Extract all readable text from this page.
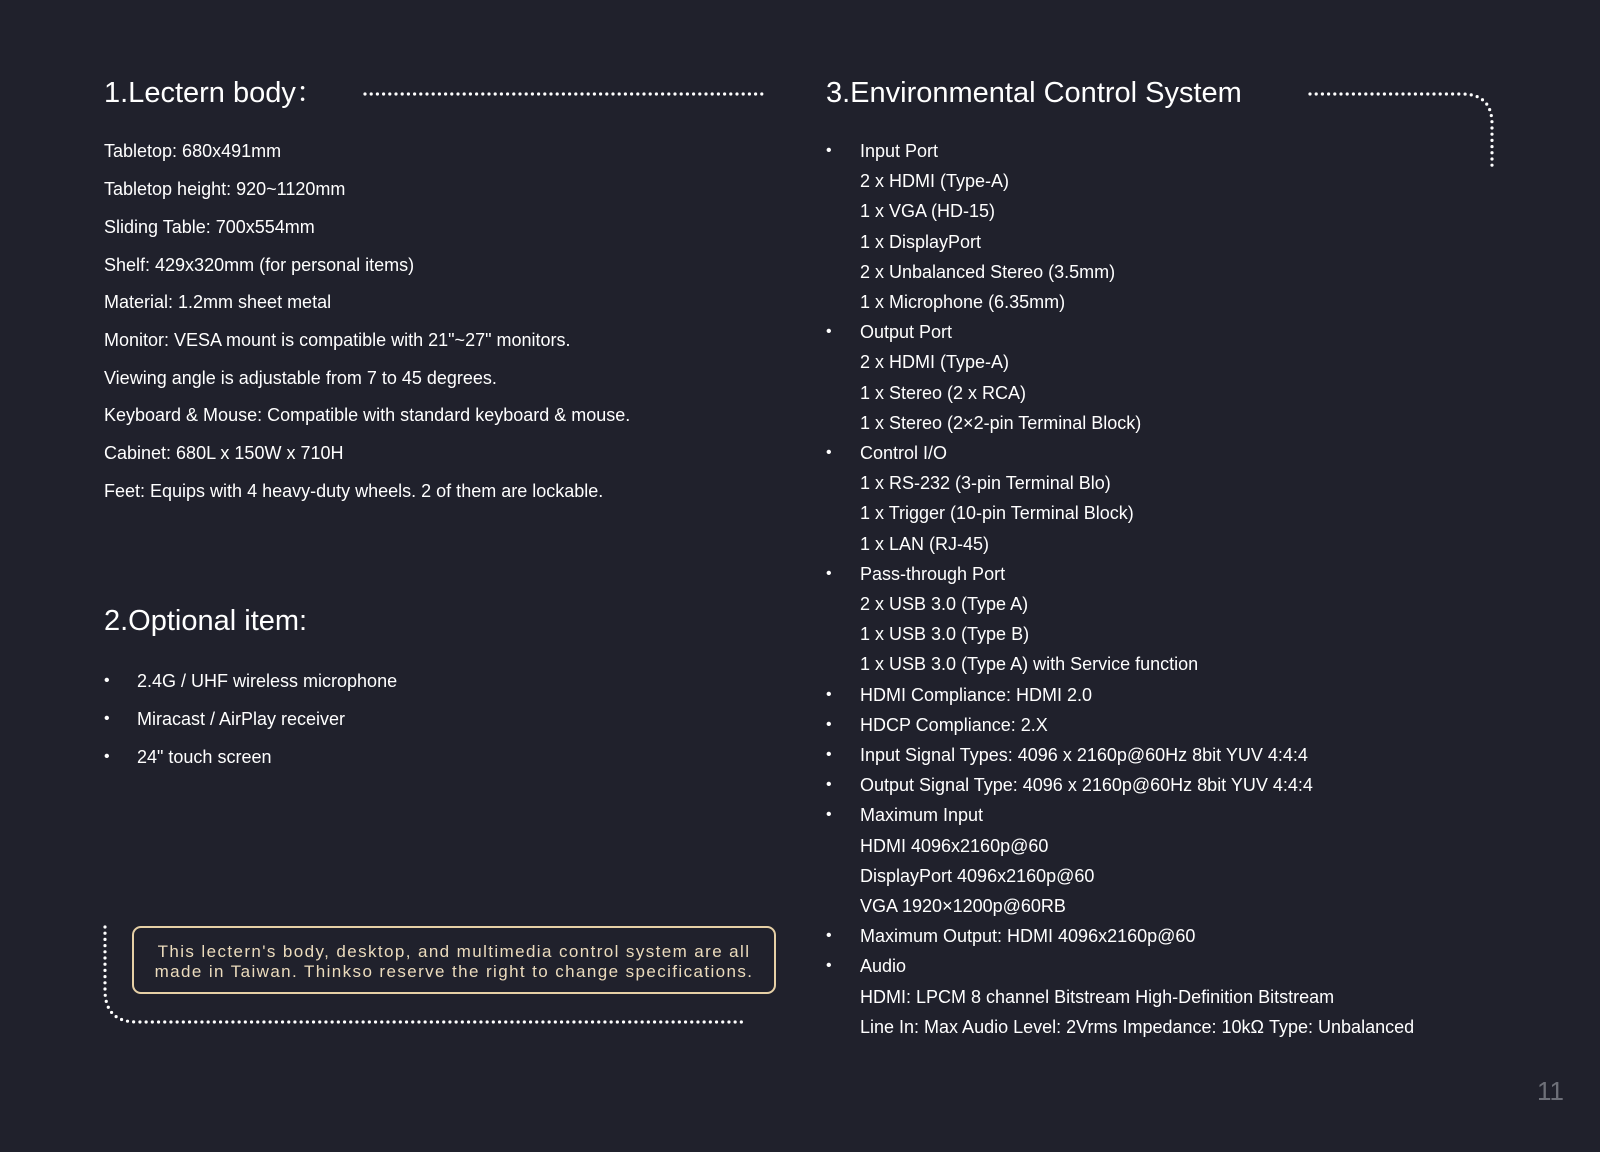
1.Lectern body：
Tabletop: 680x491mm
Tabletop height: 920~1120mm
Sliding Table: 700x554mm
Shelf: 429x320mm (for personal items)
Material: 1.2mm sheet metal
Monitor: VESA mount is compatible with 21"~27" monitors.
Viewing angle is adjustable from 7 to 45 degrees.
Keyboard & Mouse: Compatible with standard keyboard & mouse.
Cabinet: 680L x 150W x 710H
Feet: Equips with 4 heavy-duty wheels. 2 of them are lockable.
2.Optional item:
• 2.4G / UHF wireless microphone
• Miracast / AirPlay receiver
• 24" touch screen
This lectern's body, desktop, and multimedia control system are all
made in Taiwan. Thinkso reserve the right to change specifications.
3.Environmental Control System
• Input Port
2 x HDMI (Type-A)
1 x VGA (HD-15)
1 x DisplayPort
2 x Unbalanced Stereo (3.5mm)
1 x Microphone (6.35mm)
• Output Port
2 x HDMI (Type-A)
1 x Stereo (2 x RCA)
1 x Stereo (2×2-pin Terminal Block)
• Control I/O
1 x RS-232 (3-pin Terminal Blo)
1 x Trigger (10-pin Terminal Block)
1 x LAN (RJ-45)
• Pass-through Port
2 x USB 3.0 (Type A)
1 x USB 3.0 (Type B)
1 x USB 3.0 (Type A) with Service function
• HDMI Compliance: HDMI 2.0
• HDCP Compliance: 2.X
• Input Signal Types: 4096 x 2160p@60Hz 8bit YUV 4:4:4
• Output Signal Type: 4096 x 2160p@60Hz 8bit YUV 4:4:4
• Maximum Input
HDMI 4096x2160p@60
DisplayPort 4096x2160p@60
VGA 1920×1200p@60RB
• Maximum Output: HDMI 4096x2160p@60
• Audio
HDMI: LPCM 8 channel Bitstream High-Definition Bitstream
Line In: Max Audio Level: 2Vrms Impedance: 10kΩ Type: Unbalanced
11
